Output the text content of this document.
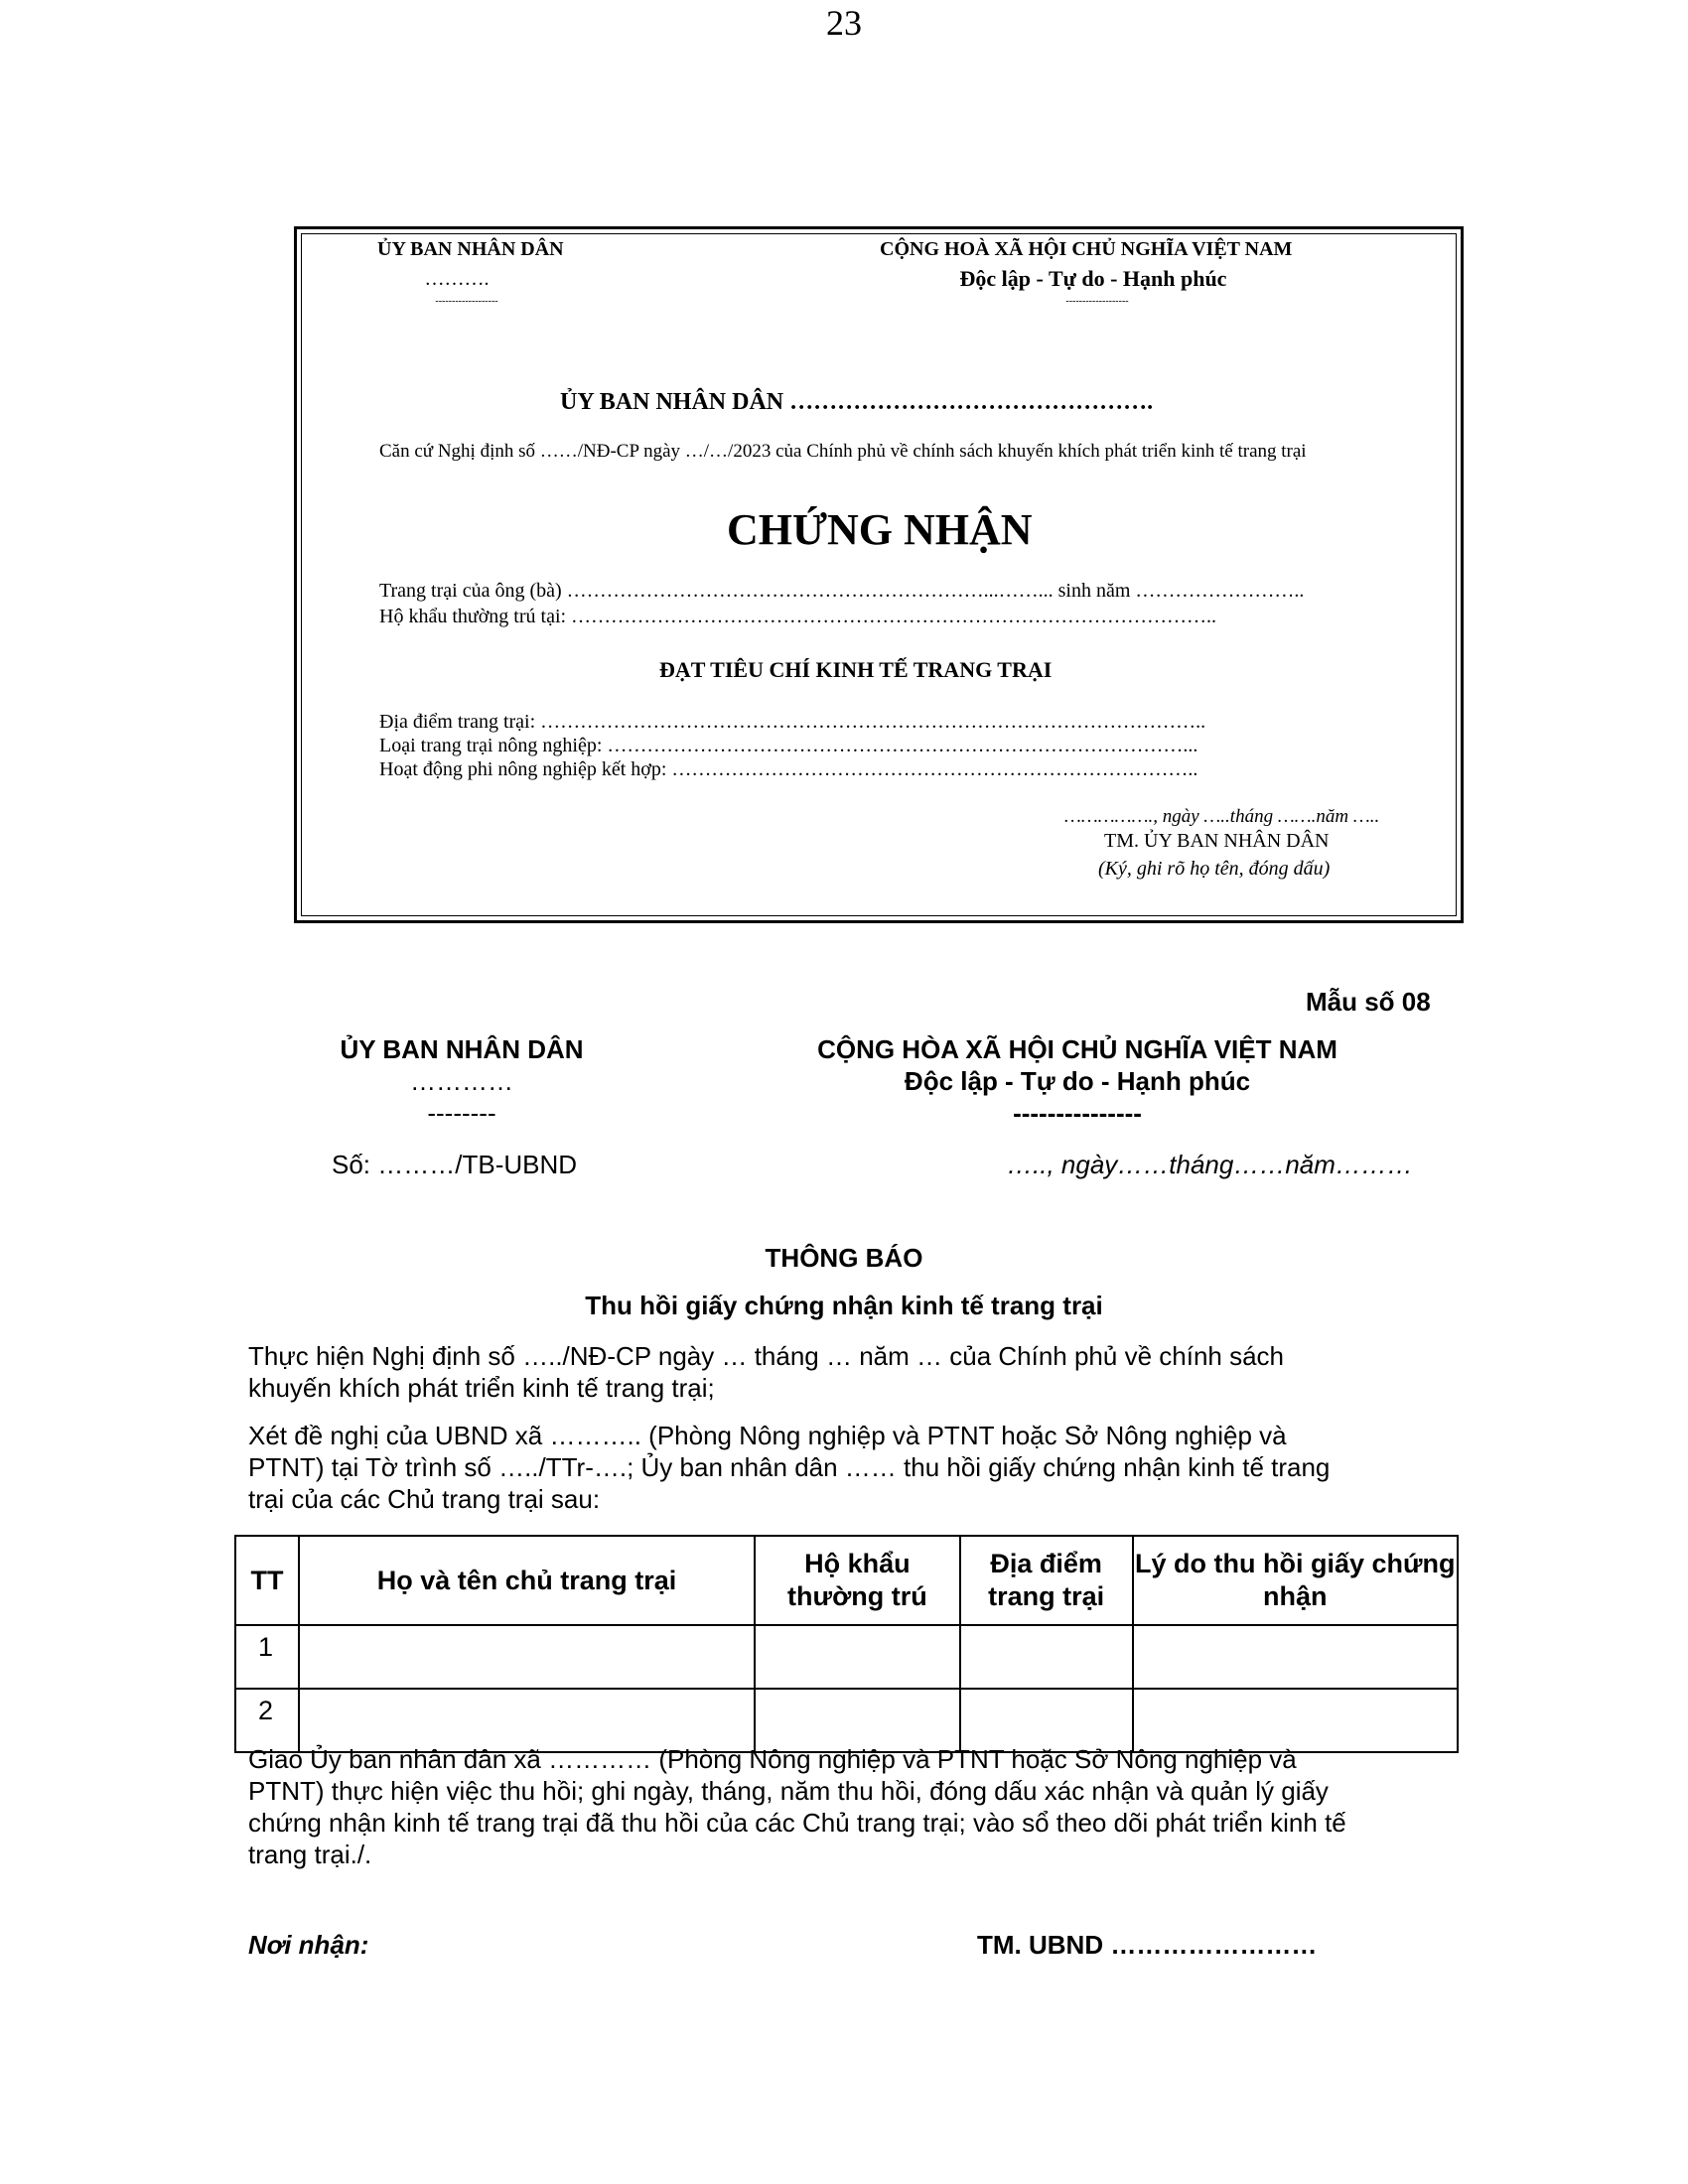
23
ỦY BAN NHÂN DÂN
……….
-------------------
CỘNG HOÀ XÃ HỘI CHỦ NGHĨA VIỆT NAM
Độc lập - Tự do - Hạnh phúc
-------------------
ỦY BAN NHÂN DÂN ……………………………………….
Căn cứ Nghị định số ……/NĐ-CP ngày …/…/2023 của Chính phủ về chính sách khuyến khích phát triển kinh tế trang trại
CHỨNG NHẬN
Trang trại của ông (bà) ………………………………………………………...……... sinh năm ……………………..
Hộ khẩu thường trú tại: ……………………………………………………………………………………..
ĐẠT TIÊU CHÍ KINH TẾ TRANG TRẠI
Địa điểm trang trại: ………………………………………………………………………………………..
Loại trang trại nông nghiệp: ……………………………………………………………………………...
Hoạt động phi nông nghiệp kết hợp: ……………………………………………………………………..
……………., ngày …..tháng …….năm …..
TM. ỦY BAN NHÂN DÂN
(Ký, ghi rõ họ tên, đóng dấu)
Mẫu số 08
ỦY BAN NHÂN DÂN
…………
--------
CỘNG HÒA XÃ HỘI CHỦ NGHĨA VIỆT NAM
Độc lập - Tự do - Hạnh phúc
---------------
Số: ………/TB-UBND	….., ngày……tháng……năm………
THÔNG BÁO
Thu hồi giấy chứng nhận kinh tế trang trại
Thực hiện Nghị định số …../NĐ-CP ngày … tháng … năm … của Chính phủ về chính sách
khuyến khích phát triển kinh tế trang trại;
Xét đề nghị của UBND xã ……….. (Phòng Nông nghiệp và PTNT hoặc Sở Nông nghiệp và
PTNT) tại Tờ trình số …../TTr-….; Ủy ban nhân dân …… thu hồi giấy chứng nhận kinh tế trang
trại của các Chủ trang trại sau:
TT	Họ và tên chủ trang trại	Hộ khẩu thường trú	Địa điểm trang trại	Lý do thu hồi giấy chứng nhận
1				
2				
Giao Ủy ban nhân dân xã ………… (Phòng Nông nghiệp và PTNT hoặc Sở Nông nghiệp và
PTNT) thực hiện việc thu hồi; ghi ngày, tháng, năm thu hồi, đóng dấu xác nhận và quản lý giấy
chứng nhận kinh tế trang trại đã thu hồi của các Chủ trang trại; vào sổ theo dõi phát triển kinh tế
trang trại./.
Nơi nhận:	TM. UBND ……………………
